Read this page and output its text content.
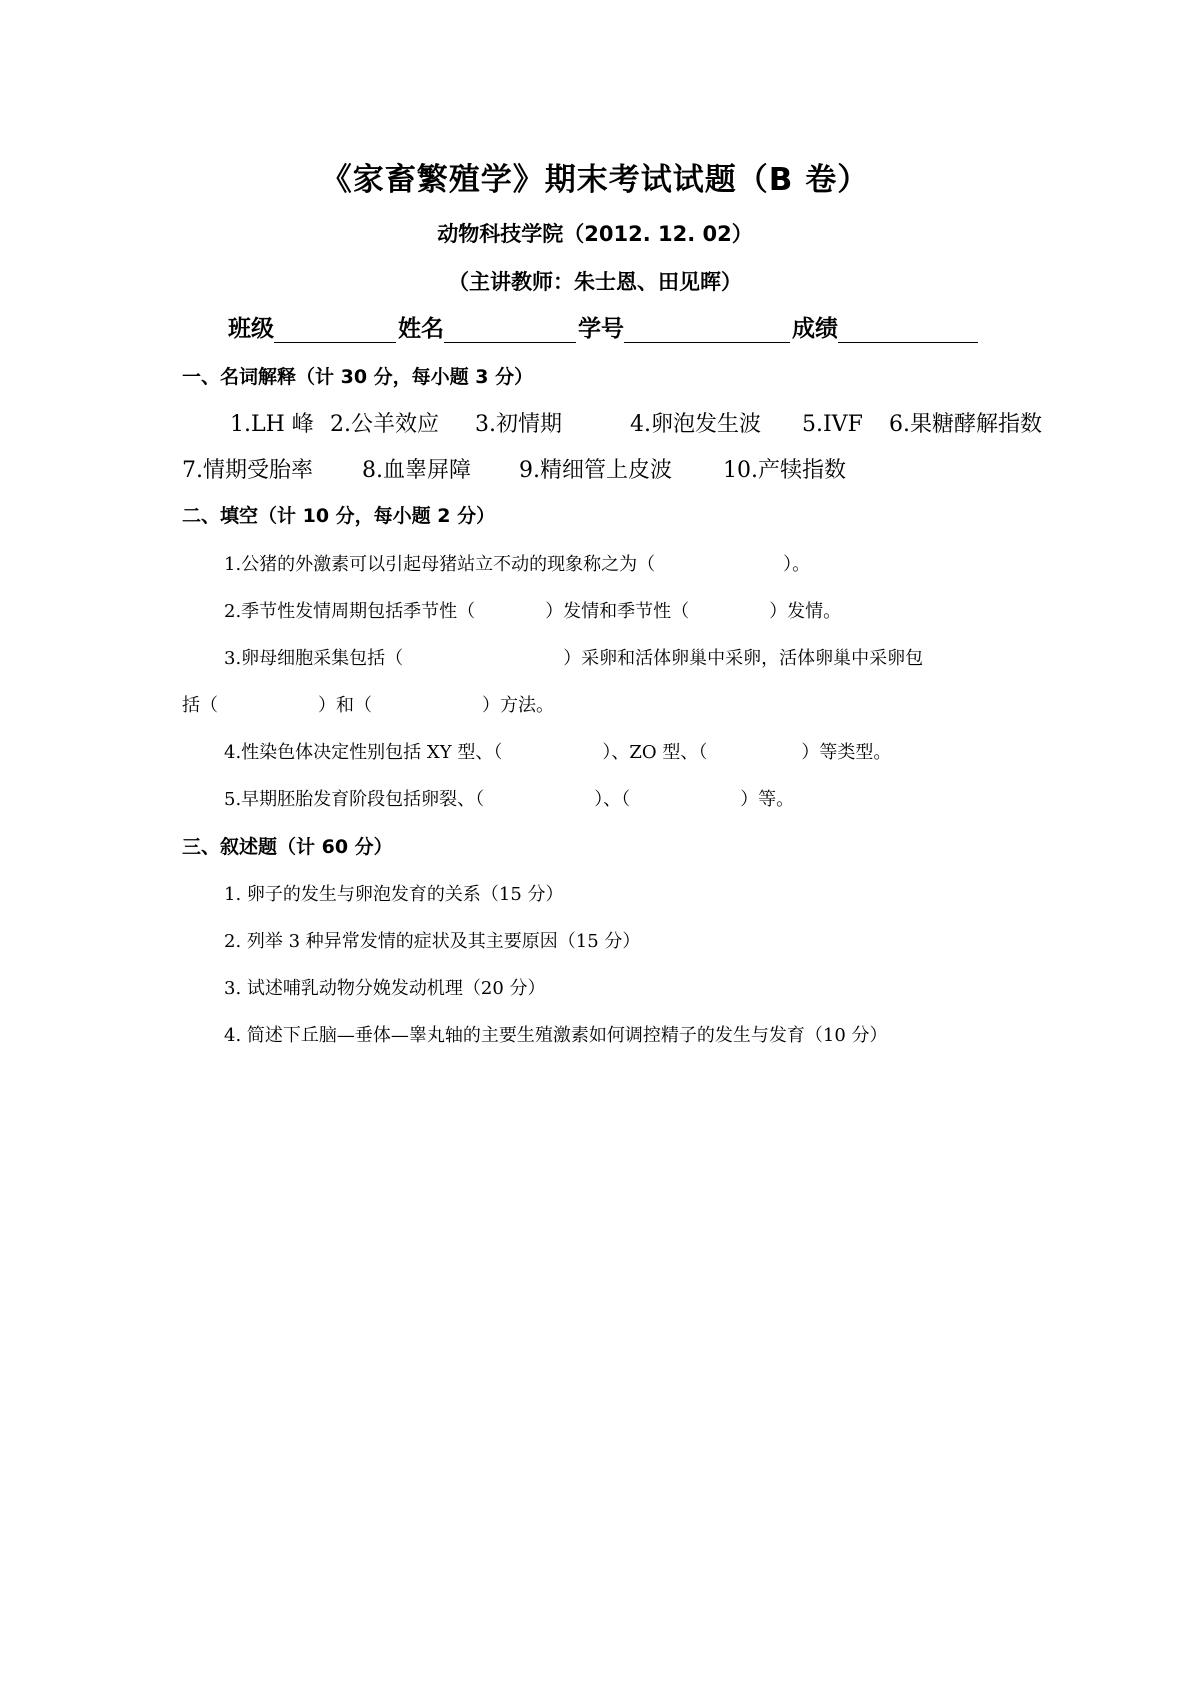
《家畜繁殖学》期末考试试题（B 卷）
动物科技学院（2012. 12. 02）
（主讲教师：朱士恩、田见晖）
班级	姓名	学号	成绩
一、名词解释（计 30 分，每小题 3 分）
1.LH 峰 2.公羊效应 3.初情期	4.卵泡发生波 5.IVF 6.果糖酵解指数
7.情期受胎率 8.血睾屏障 9.精细管上皮波 10.产犊指数
二、填空（计 10 分，每小题 2 分）
1.公猪的外激素可以引起母猪站立不动的现象称之为（	）。
2.季节性发情周期包括季节性（	）发情和季节性（	）发情。
3.卵母细胞采集包括（	）采卵和活体卵巢中采卵，活体卵巢中采卵包
括（	）和（	）方法。
4.性染色体决定性别包括 XY 型、（	）、ZO 型、（	）等类型。
5.早期胚胎发育阶段包括卵裂、（	）、（	）等。
三、叙述题（计 60 分）
1. 卵子的发生与卵泡发育的关系（15 分）
2. 列举 3 种异常发情的症状及其主要原因（15 分）
3. 试述哺乳动物分娩发动机理（20 分）
4. 简述下丘脑—垂体—睾丸轴的主要生殖激素如何调控精子的发生与发育（10 分）
